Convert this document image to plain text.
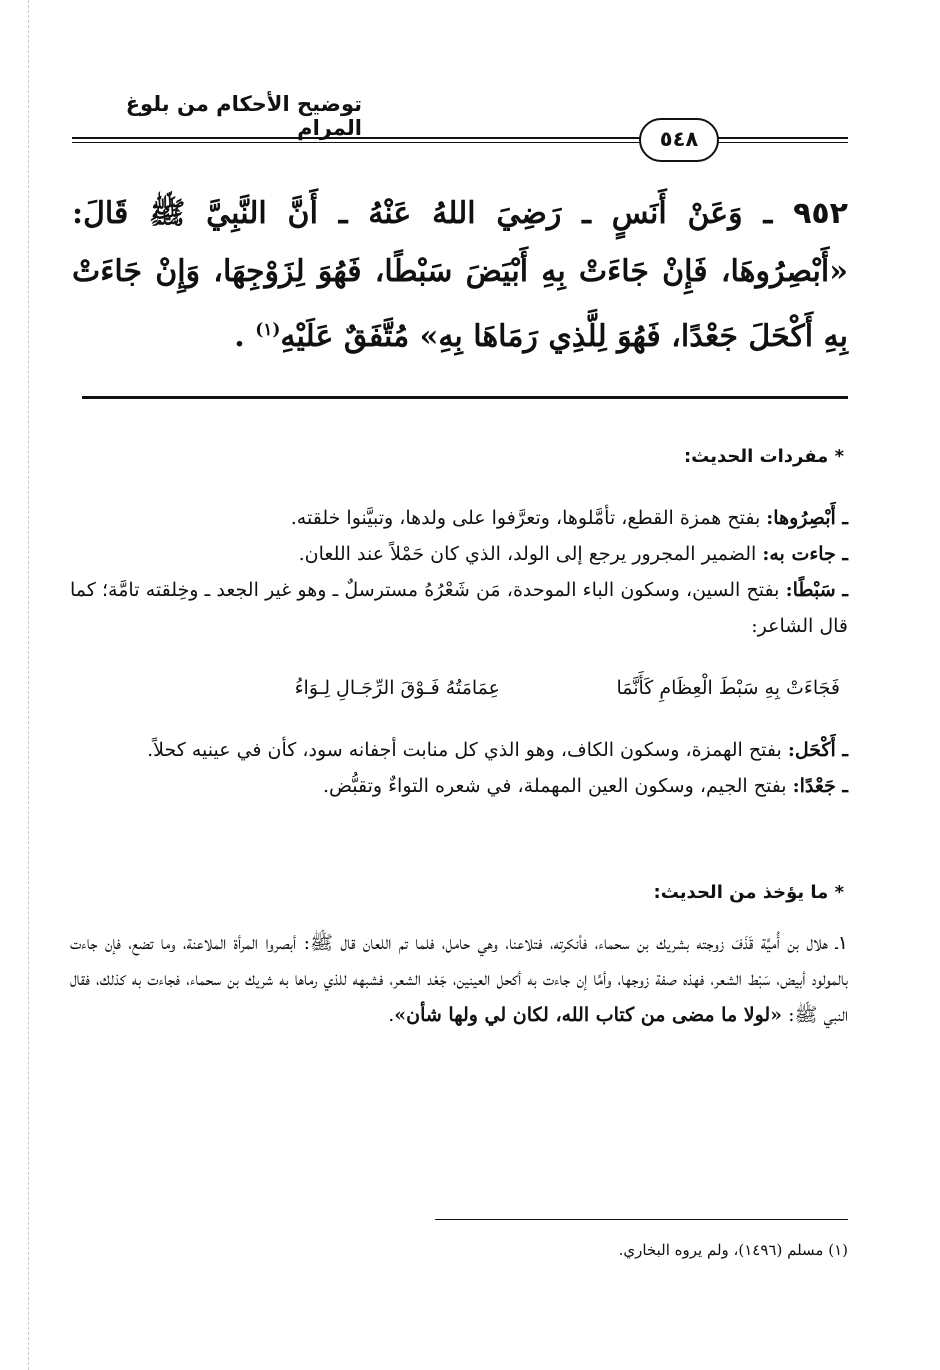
توضيح الأحكام من بلوغ المرام	٥٤٨
٩٥٢ ـ وَعَنْ أَنَسٍ ـ رَضِيَ اللهُ عَنْهُ ـ أَنَّ النَّبِيَّ ﷺ قَالَ: «أَبْصِرُوهَا، فَإِنْ جَاءَتْ بِهِ أَبْيَضَ سَبْطًا، فَهُوَ لِزَوْجِهَا، وَإِنْ جَاءَتْ بِهِ أَكْحَلَ جَعْدًا، فَهُوَ لِلَّذِي رَمَاهَا بِهِ» مُتَّفَقٌ عَلَيْهِ$^{(١)}$ .
* مفردات الحديث:
ـ أَبْصِرُوها: بفتح همزة القطع، تأمَّلوها، وتعرَّفوا على ولدها، وتبيَّنوا خلقته.
ـ جاءت به: الضمير المجرور يرجع إلى الولد، الذي كان حَمْلاً عند اللعان.
ـ سَبْطًا: بفتح السين، وسكون الباء الموحدة، مَن شَعْرُهُ مسترسلٌ ـ وهو غير الجعد ـ وخِلقته تامَّة؛ كما قال الشاعر:
فَجَاءَتْ بِهِ سَبْطَ الْعِظَامِ كَأَنَّمَا
عِمَامَتُهُ فَـوْقَ الرِّجَـالِ لِـوَاءُ
ـ أَكْحَل: بفتح الهمزة، وسكون الكاف، وهو الذي كل منابت أجفانه سود، كأن في عينيه كحلاً.
ـ جَعْدًا: بفتح الجيم، وسكون العين المهملة، في شعره التواءٌ وتقبُّض.
* ما يؤخذ من الحديث:
١ـ هلال بن أُميَّة قَذَفَ زوجته بشريك بن سحماء، فأنكرته، فتلاعنا، وهي حامل، فلما تم اللعان قال ﷺ: أبصروا المرأة الملاعنة، وما تضع، فإن جاءت بالمولود أبيض، سَبْط الشعر، فهذه صفة زوجها، وأمَّا إن جاءت به أكحل العينين، جَعْد الشعر، فشبهه للذي رماها به شريك بن سحماء، فجاءت به كذلك، فقال النبي ﷺ: «لولا ما مضى من كتاب الله، لكان لي ولها شأن».
(١) مسلم (١٤٩٦)، ولم يروه البخاري.
